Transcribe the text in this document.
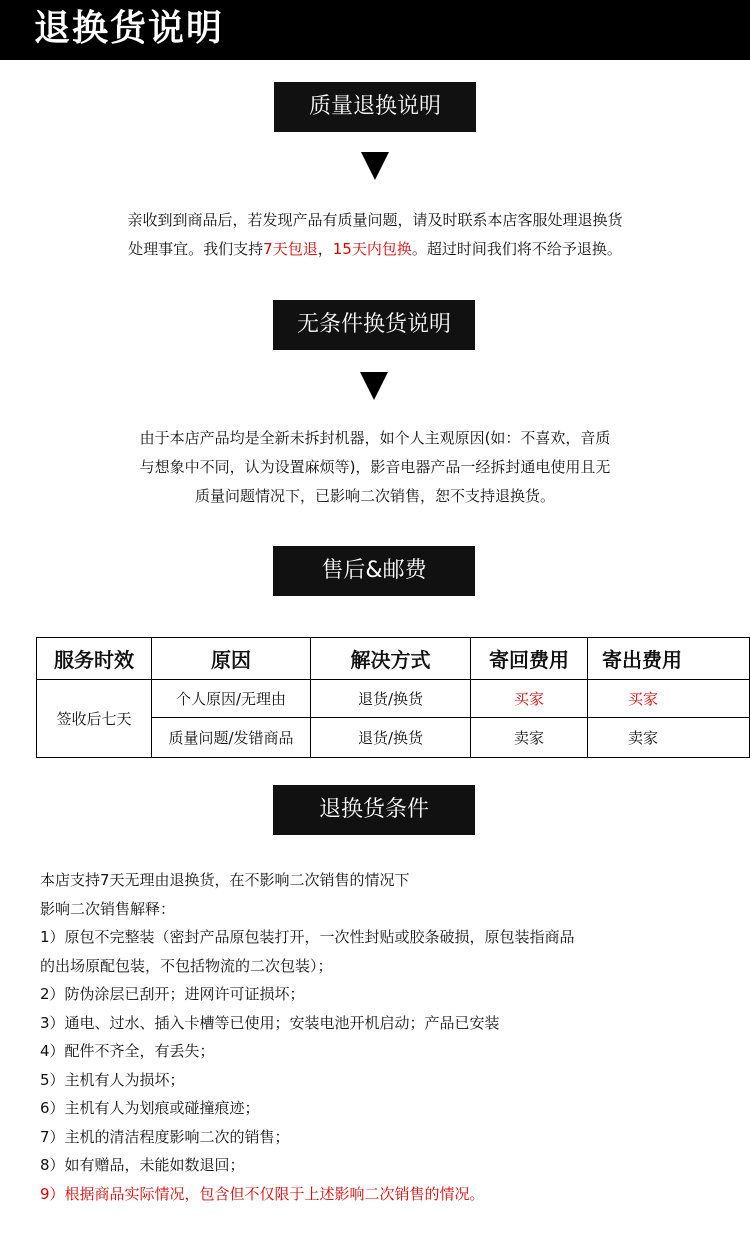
退换货说明
质量退换说明
亲收到到商品后，若发现产品有质量问题，请及时联系本店客服处理退换货
处理事宜。我们支持7天包退，15天内包换。超过时间我们将不给予退换。
无条件换货说明
由于本店产品均是全新未拆封机器，如个人主观原因(如：不喜欢，音质
与想象中不同，认为设置麻烦等)，影音电器产品一经拆封通电使用且无
质量问题情况下，已影响二次销售，恕不支持退换货。
售后&邮费
服务时效	原因	解决方式	寄回费用	寄出费用
签收后七天	个人原因/无理由	退货/换货	买家	买家
	质量问题/发错商品	退货/换货	卖家	卖家
退换货条件
本店支持7天无理由退换货，在不影响二次销售的情况下
影响二次销售解释：
1）原包不完整装（密封产品原包装打开，一次性封贴或胶条破损，原包装指商品
的出场原配包装，不包括物流的二次包装）；
2）防伪涂层已刮开；进网许可证损坏；
3）通电、过水、插入卡槽等已使用；安装电池开机启动；产品已安装
4）配件不齐全，有丢失；
5）主机有人为损坏；
6）主机有人为划痕或碰撞痕迹；
7）主机的清洁程度影响二次的销售；
8）如有赠品，未能如数退回；
9）根据商品实际情况，包含但不仅限于上述影响二次销售的情况。
